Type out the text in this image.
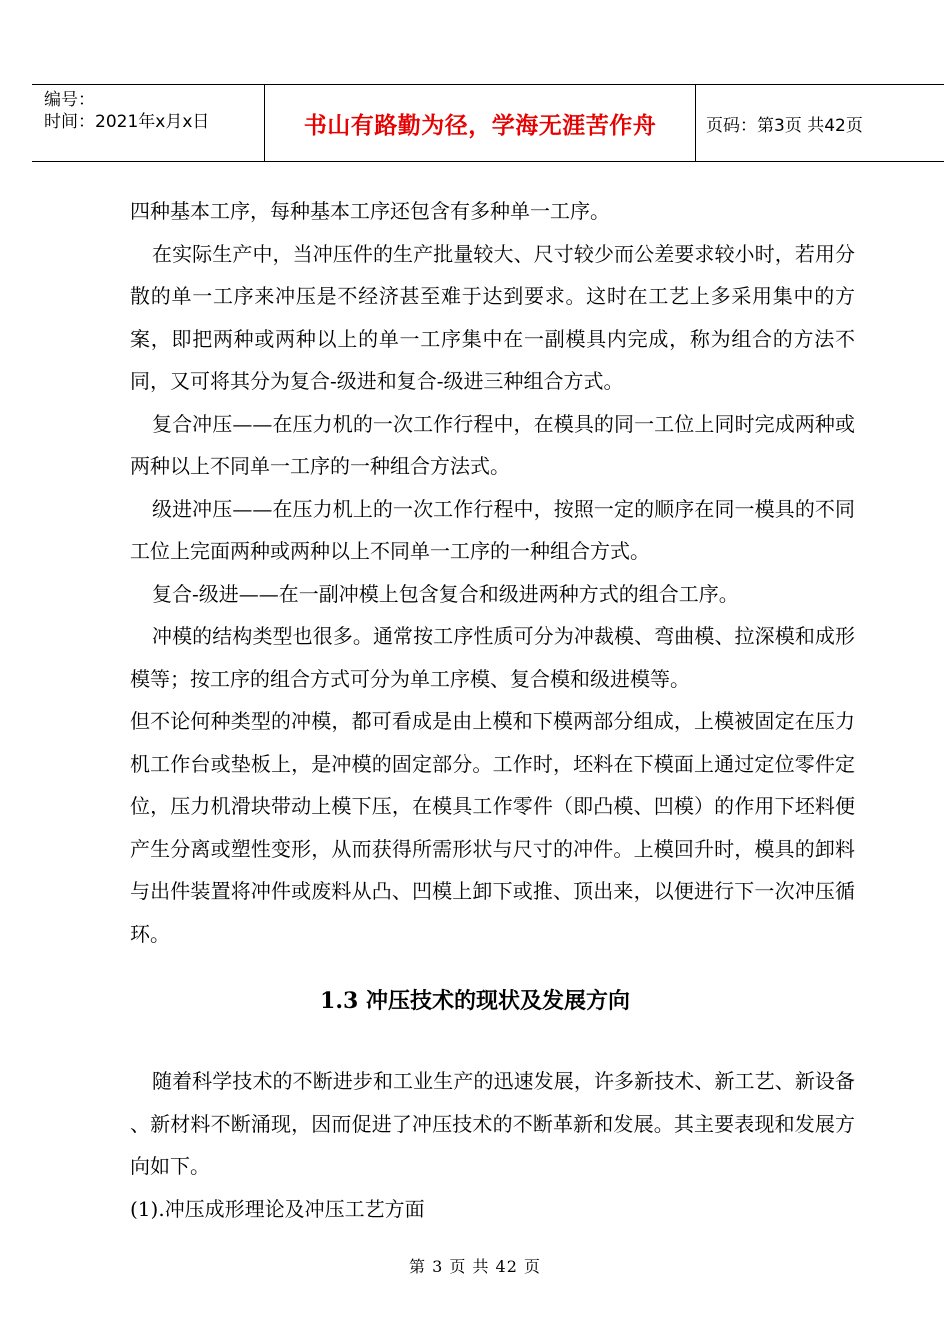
编号：
时间：2021年x月x日	书山有路勤为径，学海无涯苦作舟	页码：第3页 共42页

四种基本工序，每种基本工序还包含有多种单一工序。

在实际生产中，当冲压件的生产批量较大、尺寸较少而公差要求较小时，若用分散的单一工序来冲压是不经济甚至难于达到要求。这时在工艺上多采用集中的方案，即把两种或两种以上的单一工序集中在一副模具内完成，称为组合的方法不同，又可将其分为复合-级进和复合-级进三种组合方式。

复合冲压——在压力机的一次工作行程中，在模具的同一工位上同时完成两种或两种以上不同单一工序的一种组合方法式。

级进冲压——在压力机上的一次工作行程中，按照一定的顺序在同一模具的不同工位上完面两种或两种以上不同单一工序的一种组合方式。

复合-级进——在一副冲模上包含复合和级进两种方式的组合工序。

冲模的结构类型也很多。通常按工序性质可分为冲裁模、弯曲模、拉深模和成形模等；按工序的组合方式可分为单工序模、复合模和级进模等。

但不论何种类型的冲模，都可看成是由上模和下模两部分组成，上模被固定在压力机工作台或垫板上，是冲模的固定部分。工作时，坯料在下模面上通过定位零件定位，压力机滑块带动上模下压，在模具工作零件（即凸模、凹模）的作用下坯料便产生分离或塑性变形，从而获得所需形状与尺寸的冲件。上模回升时，模具的卸料与出件装置将冲件或废料从凸、凹模上卸下或推、顶出来，以便进行下一次冲压循环。

1.3 冲压技术的现状及发展方向

随着科学技术的不断进步和工业生产的迅速发展，许多新技术、新工艺、新设备 、新材料不断涌现，因而促进了冲压技术的不断革新和发展。其主要表现和发展方向如下。

(1).冲压成形理论及冲压工艺方面

第 3 页 共 42 页
